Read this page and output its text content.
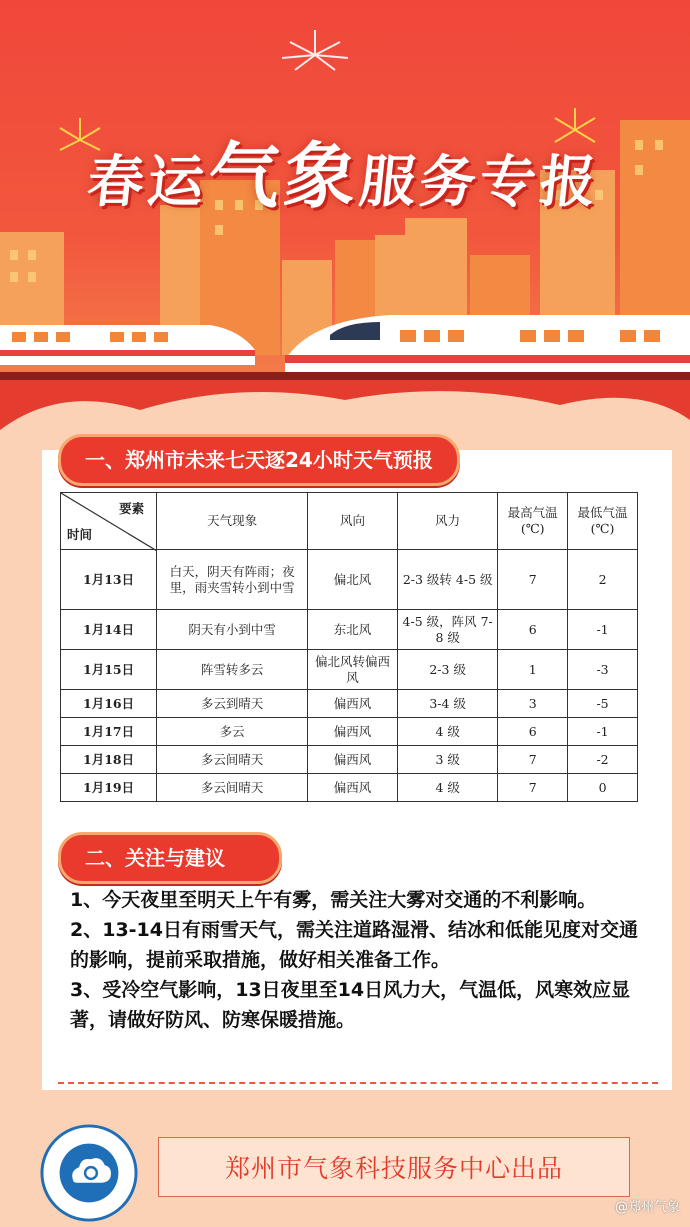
春运气象服务专报
一、郑州市未来七天逐24小时天气预报
要素
时间	天气现象	风向	风力	最高气温(℃)	最低气温(℃)
1月13日	白天，阴天有阵雨；夜里，雨夹雪转小到中雪	偏北风	2-3 级转 4-5 级	7	2
1月14日	阴天有小到中雪	东北风	4-5 级，阵风 7-8 级	6	-1
1月15日	阵雪转多云	偏北风转偏西风	2-3 级	1	-3
1月16日	多云到晴天	偏西风	3-4 级	3	-5
1月17日	多云	偏西风	4 级	6	-1
1月18日	多云间晴天	偏西风	3 级	7	-2
1月19日	多云间晴天	偏西风	4 级	7	0
二、关注与建议

1、今天夜里至明天上午有雾，需关注大雾对交通的不利影响。

2、13-14日有雨雪天气，需关注道路湿滑、结冰和低能见度对交通的影响，提前采取措施，做好相关准备工作。

3、受冷空气影响，13日夜里至14日风力大，气温低，风寒效应显著，请做好防风、防寒保暖措施。

郑州市气象科技服务中心出品
@郑州气象
